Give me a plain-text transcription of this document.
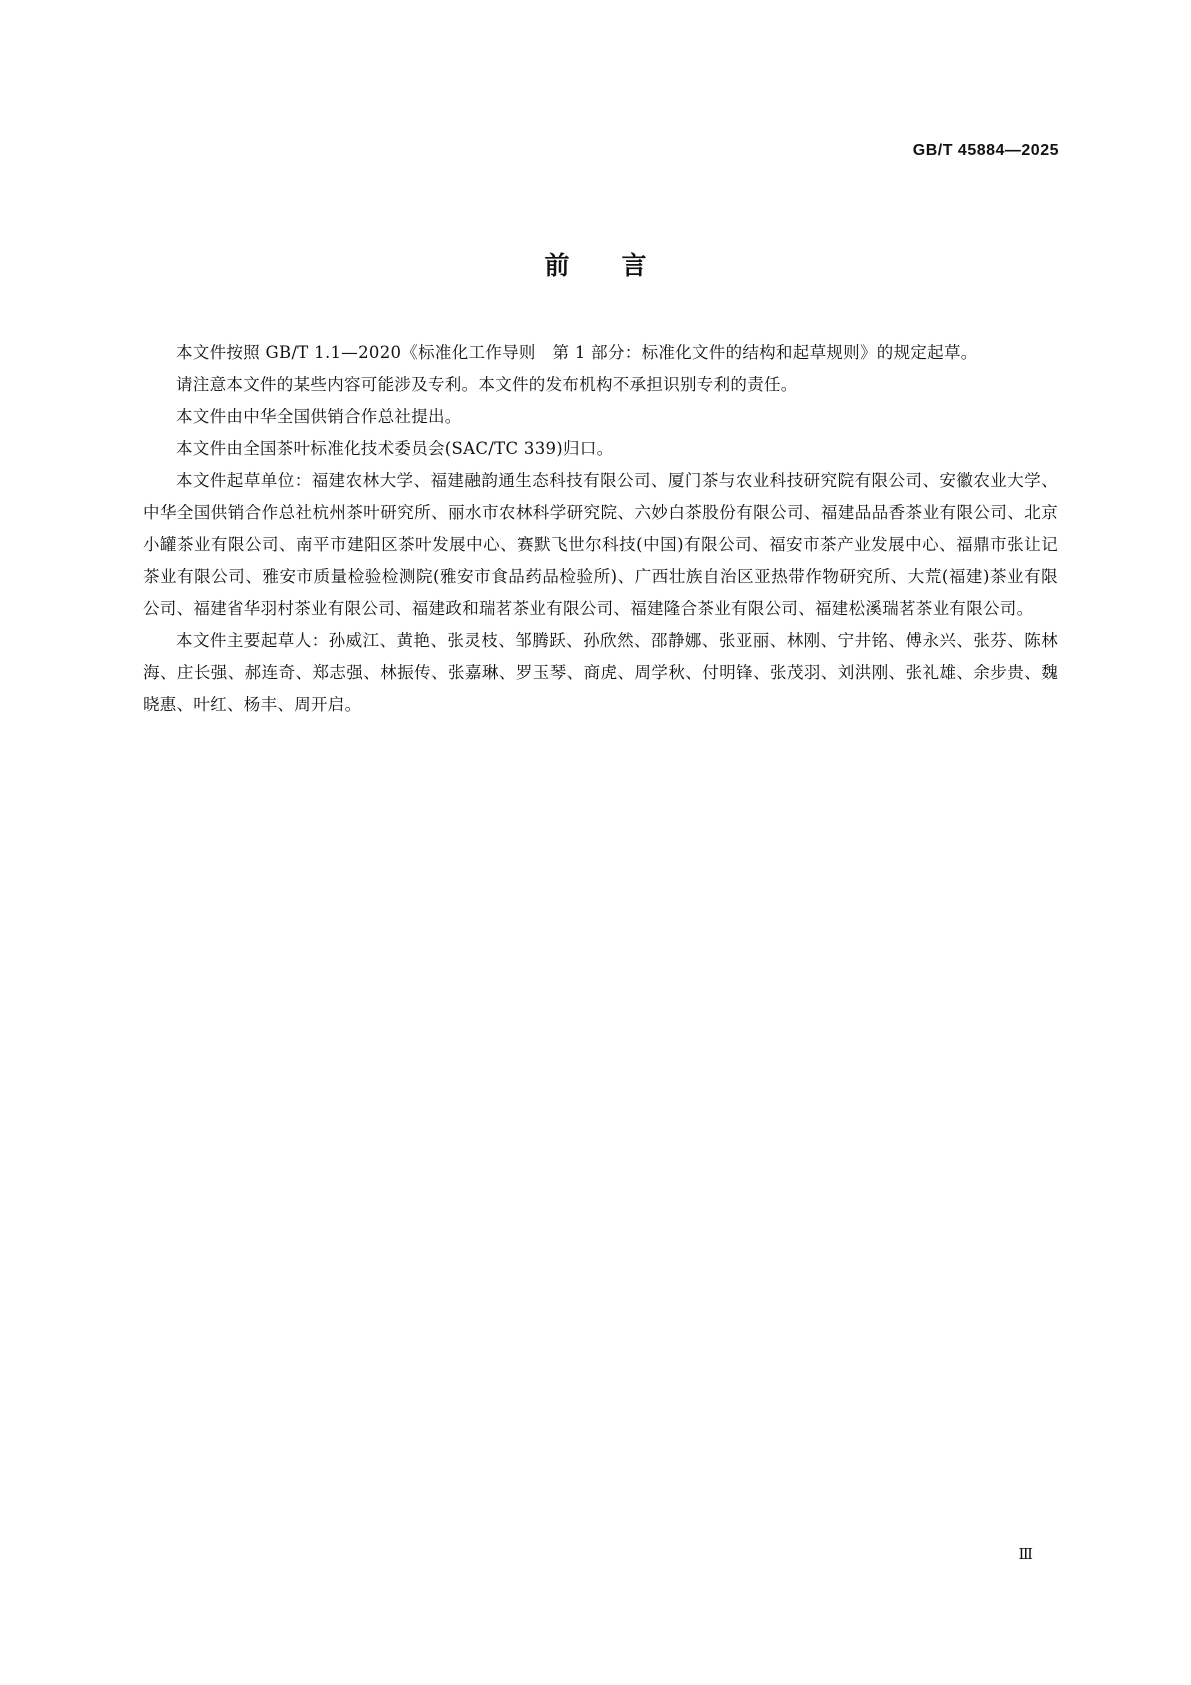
GB/T 45884—2025
前言

本文件按照 GB/T 1.1—2020《标准化工作导则　第 1 部分：标准化文件的结构和起草规则》的规定起草。

请注意本文件的某些内容可能涉及专利。本文件的发布机构不承担识别专利的责任。

本文件由中华全国供销合作总社提出。

本文件由全国茶叶标准化技术委员会(SAC/TC 339)归口。

本文件起草单位：福建农林大学、福建融韵通生态科技有限公司、厦门茶与农业科技研究院有限公司、安徽农业大学、中华全国供销合作总社杭州茶叶研究所、丽水市农林科学研究院、六妙白茶股份有限公司、福建品品香茶业有限公司、北京小罐茶业有限公司、南平市建阳区茶叶发展中心、赛默飞世尔科技(中国)有限公司、福安市茶产业发展中心、福鼎市张让记茶业有限公司、雅安市质量检验检测院(雅安市食品药品检验所)、广西壮族自治区亚热带作物研究所、大荒(福建)茶业有限公司、福建省华羽村茶业有限公司、福建政和瑞茗茶业有限公司、福建隆合茶业有限公司、福建松溪瑞茗茶业有限公司。

本文件主要起草人：孙威江、黄艳、张灵枝、邹腾跃、孙欣然、邵静娜、张亚丽、林刚、宁井铭、傅永兴、张芬、陈林海、庄长强、郝连奇、郑志强、林振传、张嘉琳、罗玉琴、商虎、周学秋、付明锋、张茂羽、刘洪刚、张礼雄、余步贵、魏晓惠、叶红、杨丰、周开启。

Ⅲ
